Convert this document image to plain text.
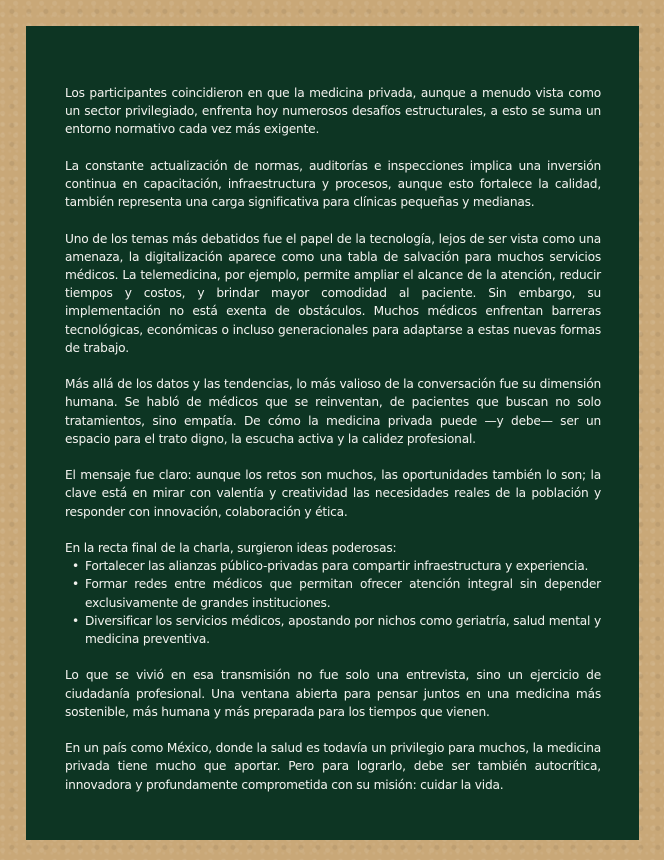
Los participantes coincidieron en que la medicina privada, aunque a menudo vista como un sector privilegiado, enfrenta hoy numerosos desafíos estructurales, a esto se suma un entorno normativo cada vez más exigente.

La constante actualización de normas, auditorías e inspecciones implica una inversión continua en capacitación, infraestructura y procesos, aunque esto fortalece la calidad, también representa una carga significativa para clínicas pequeñas y medianas.

Uno de los temas más debatidos fue el papel de la tecnología, lejos de ser vista como una amenaza, la digitalización aparece como una tabla de salvación para muchos servicios médicos. La telemedicina, por ejemplo, permite ampliar el alcance de la atención, reducir tiempos y costos, y brindar mayor comodidad al paciente. Sin embargo, su implementación no está exenta de obstáculos. Muchos médicos enfrentan barreras tecnológicas, económicas o incluso generacionales para adaptarse a estas nuevas formas de trabajo.

Más allá de los datos y las tendencias, lo más valioso de la conversación fue su dimensión humana. Se habló de médicos que se reinventan, de pacientes que buscan no solo tratamientos, sino empatía. De cómo la medicina privada puede —y debe— ser un espacio para el trato digno, la escucha activa y la calidez profesional.

El mensaje fue claro: aunque los retos son muchos, las oportunidades también lo son; la clave está en mirar con valentía y creatividad las necesidades reales de la población y responder con innovación, colaboración y ética.

En la recta final de la charla, surgieron ideas poderosas:

• Fortalecer las alianzas público-privadas para compartir infraestructura y experiencia.
• Formar redes entre médicos que permitan ofrecer atención integral sin depender exclusivamente de grandes instituciones.
• Diversificar los servicios médicos, apostando por nichos como geriatría, salud mental y medicina preventiva.

Lo que se vivió en esa transmisión no fue solo una entrevista, sino un ejercicio de ciudadanía profesional. Una ventana abierta para pensar juntos en una medicina más sostenible, más humana y más preparada para los tiempos que vienen.

En un país como México, donde la salud es todavía un privilegio para muchos, la medicina privada tiene mucho que aportar. Pero para lograrlo, debe ser también autocrítica, innovadora y profundamente comprometida con su misión: cuidar la vida.
